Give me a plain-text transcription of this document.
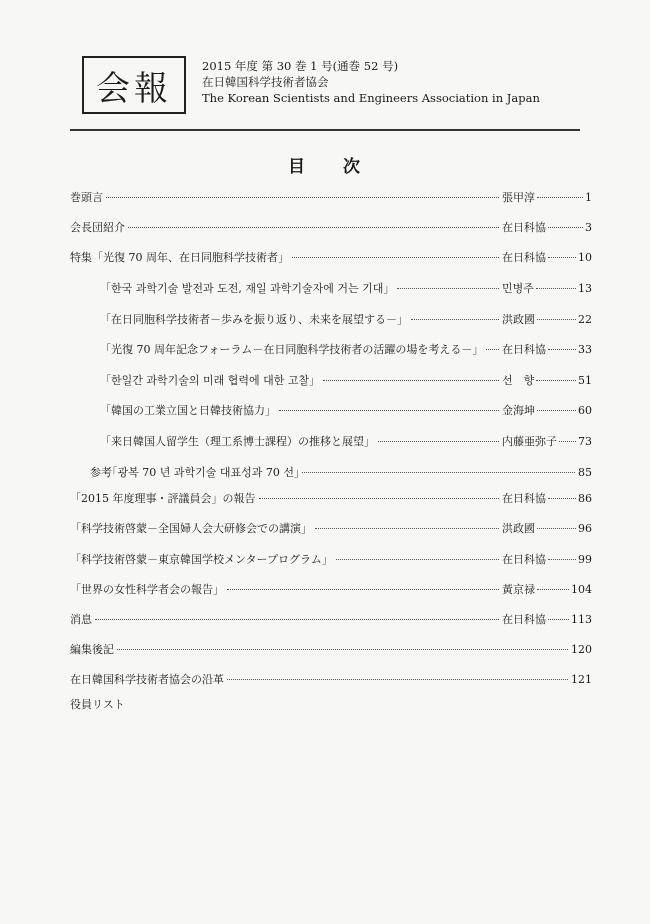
会報
2015 年度 第 30 巻 1 号(通巻 52 号)
在日韓国科学技術者協会
The Korean Scientists and Engineers Association in Japan
目 次
巻頭言	張甲淳	1
会長団紹介	在日科協	3
特集「光復 70 周年、在日同胞科学技術者」	在日科協	10
「한국 과학기술 발전과 도전, 재일 과학기술자에 거는 기대」	민병주	13
「在日同胞科学技術者－歩みを振り返り、未来を展望する－」	洪政國	22
「光復 70 周年記念フォーラム－在日同胞科学技術者の活躍の場を考える－」 在日科協	33
「한일간 과학기술의 미래 협력에 대한 고찰」	선　향	51
「韓国の工業立国と日韓技術協力」	金海坤	60
「来日韓国人留学生（理工系博士課程）の推移と展望」	内藤亜弥子 73
参考｢광복 70 년 과학기술 대표성과 70 선｣	85
「2015 年度理事・評議員会」の報告	在日科協	86
「科学技術啓蒙－全国婦人会大研修会での講演」	洪政國	96
「科学技術啓蒙－東京韓国学校メンタープログラム」	在日科協	99
「世界の女性科学者会の報告」	黃京禄	104
消息	在日科協 113
編集後記	120
在日韓国科学技術者協会の沿革	121
役員リスト
